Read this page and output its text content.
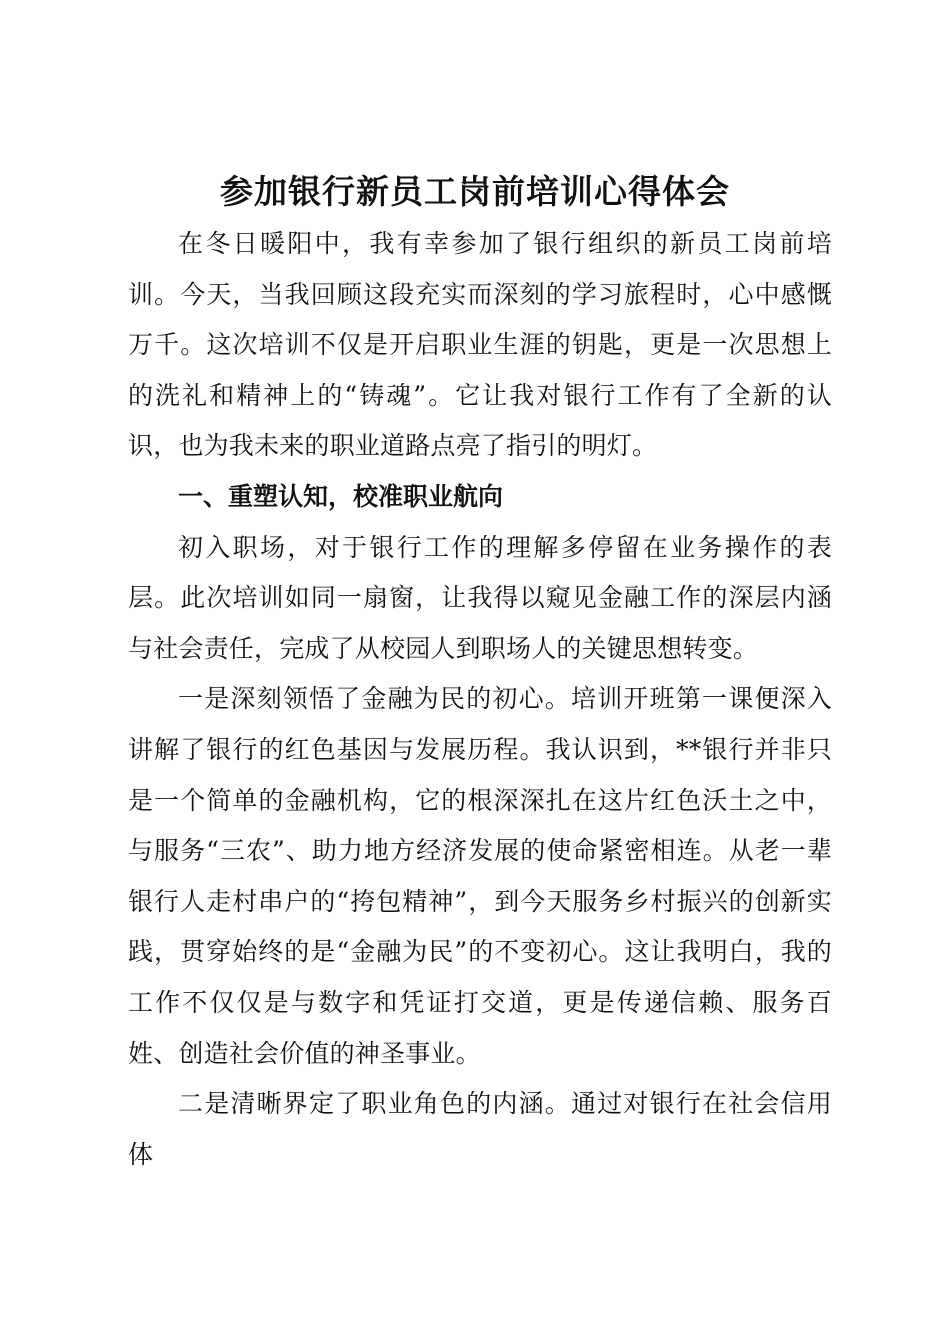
参加银行新员工岗前培训心得体会

在冬日暖阳中，我有幸参加了银行组织的新员工岗前培训。今天，当我回顾这段充实而深刻的学习旅程时，心中感慨万千。这次培训不仅是开启职业生涯的钥匙，更是一次思想上的洗礼和精神上的“铸魂”。它让我对银行工作有了全新的认识，也为我未来的职业道路点亮了指引的明灯。

一、重塑认知，校准职业航向

初入职场，对于银行工作的理解多停留在业务操作的表层。此次培训如同一扇窗，让我得以窥见金融工作的深层内涵与社会责任，完成了从校园人到职场人的关键思想转变。

一是深刻领悟了金融为民的初心。培训开班第一课便深入讲解了银行的红色基因与发展历程。我认识到，**银行并非只是一个简单的金融机构，它的根深深扎在这片红色沃土之中，与服务“三农”、助力地方经济发展的使命紧密相连。从老一辈银行人走村串户的“挎包精神”，到今天服务乡村振兴的创新实践，贯穿始终的是“金融为民”的不变初心。这让我明白，我的工作不仅仅是与数字和凭证打交道，更是传递信赖、服务百姓、创造社会价值的神圣事业。

二是清晰界定了职业角色的内涵。通过对银行在社会信用体
